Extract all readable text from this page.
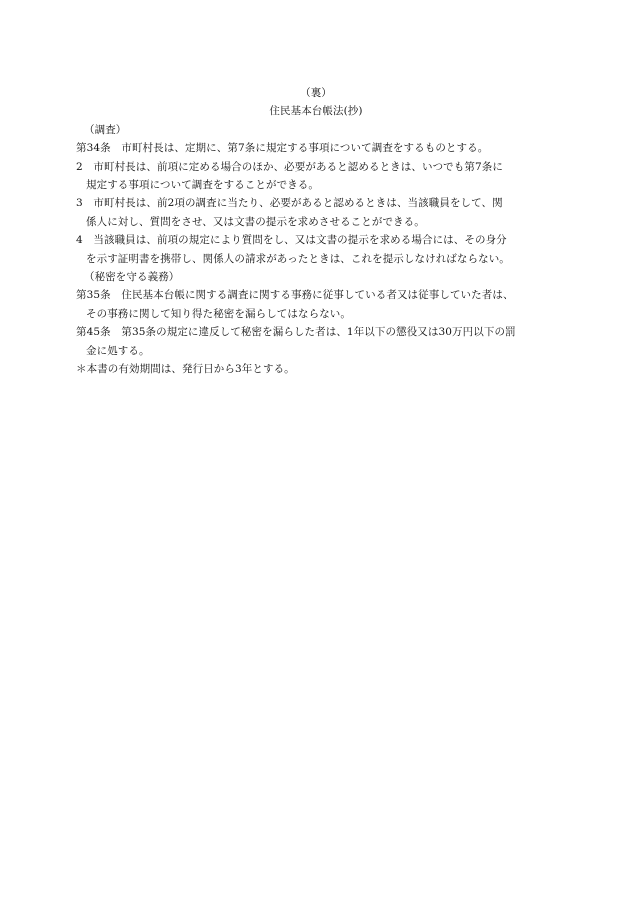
（裏）
住民基本台帳法(抄)
（調査）
第34条　市町村長は、定期に、第7条に規定する事項について調査をするものとする。
2　市町村長は、前項に定める場合のほか、必要があると認めるときは、いつでも第7条に
規定する事項について調査をすることができる。
3　市町村長は、前2項の調査に当たり、必要があると認めるときは、当該職員をして、関
係人に対し、質問をさせ、又は文書の提示を求めさせることができる。
4　当該職員は、前項の規定により質問をし、又は文書の提示を求める場合には、その身分
を示す証明書を携帯し、関係人の請求があったときは、これを提示しなければならない。
（秘密を守る義務）
第35条　住民基本台帳に関する調査に関する事務に従事している者又は従事していた者は、
その事務に関して知り得た秘密を漏らしてはならない。
第45条　第35条の規定に違反して秘密を漏らした者は、1年以下の懲役又は30万円以下の罰
金に処する。
＊本書の有効期間は、発行日から3年とする。
